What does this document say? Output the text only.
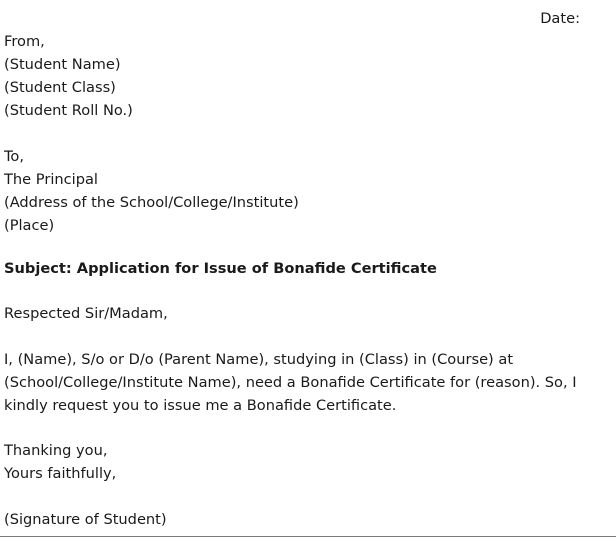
Date:
From,
(Student Name)
(Student Class)
(Student Roll No.)
To,
The Principal
(Address of the School/College/Institute)
(Place)
Subject: Application for Issue of Bonafide Certificate
Respected Sir/Madam,
I, (Name), S/o or D/o (Parent Name), studying in (Class) in (Course) at
(School/College/Institute Name), need a Bonafide Certificate for (reason). So, I
kindly request you to issue me a Bonafide Certificate.
Thanking you,
Yours faithfully,
(Signature of Student)
